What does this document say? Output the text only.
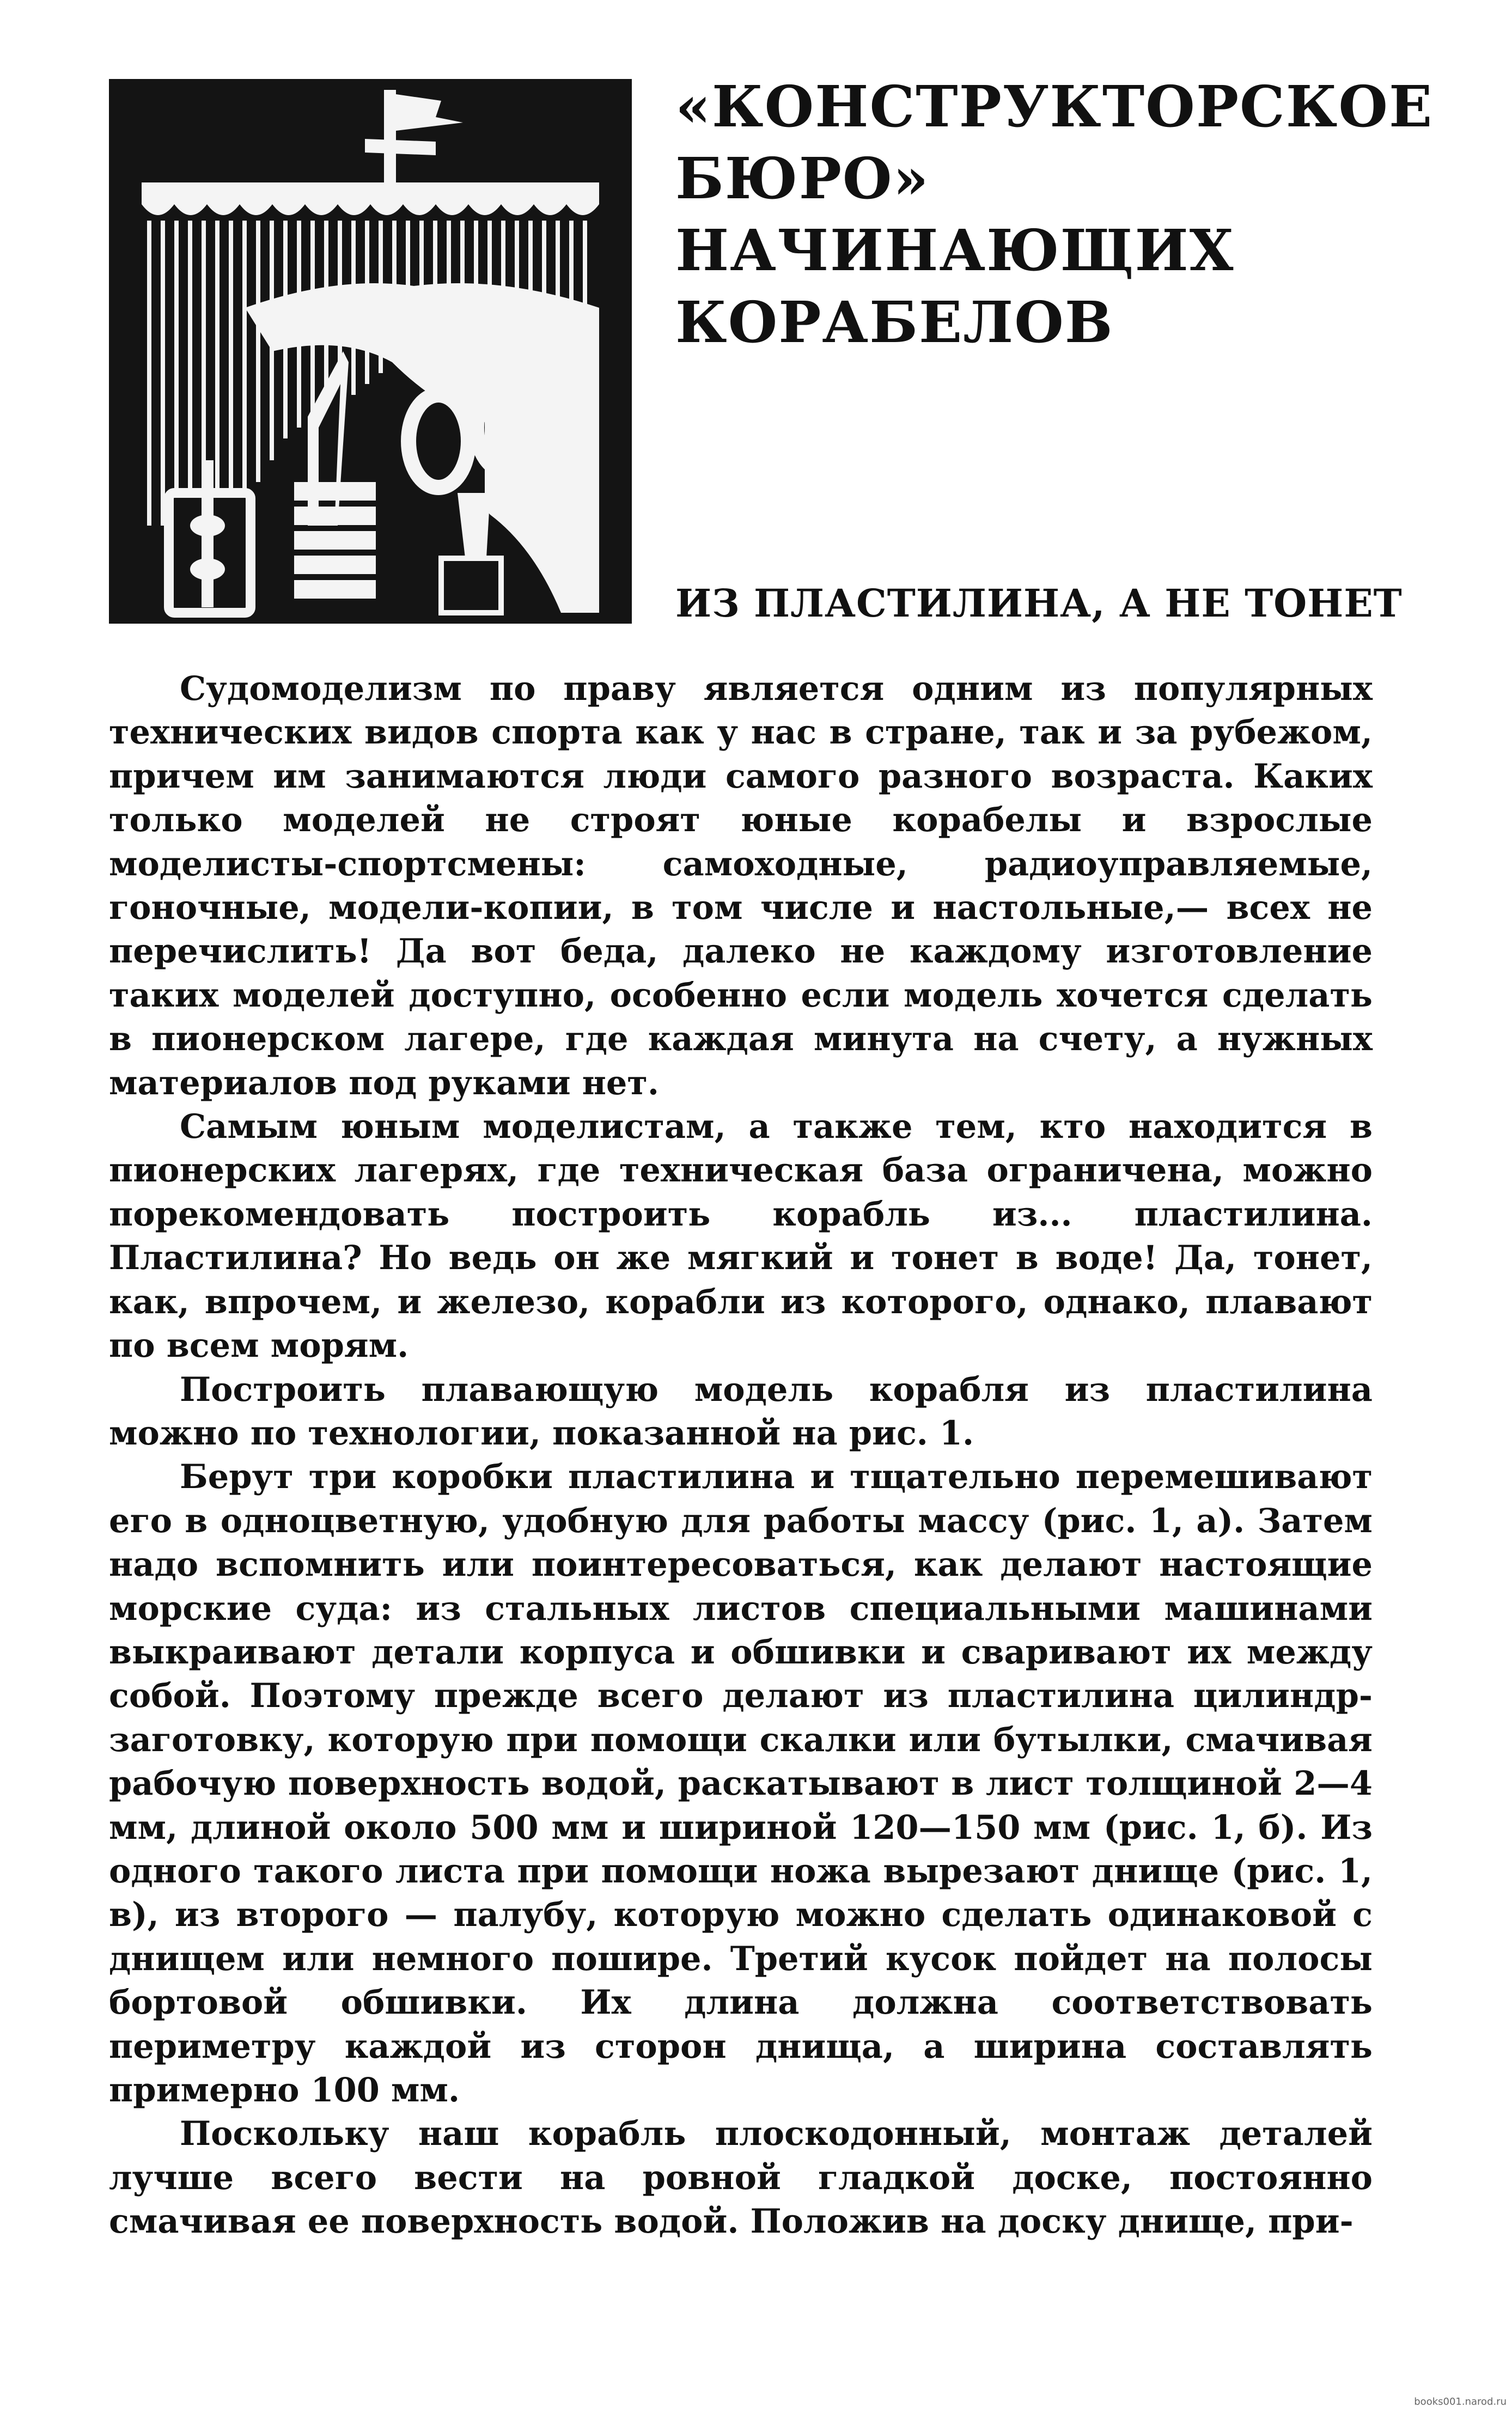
«КОНСТРУКТОРСКОЕ
БЮРО»
НАЧИНАЮЩИХ
КОРАБЕЛОВ
ИЗ ПЛАСТИЛИНА, А НЕ ТОНЕТ

Судомоделизм по праву является одним из популярных технических видов спорта как у нас в стране, так и за рубежом, причем им занимаются люди самого разного возраста. Каких только моделей не строят юные корабелы и взрослые моделисты-спортсмены: самоходные, радиоуправляемые, гоночные, модели-копии, в том числе и настольные,— всех не перечислить! Да вот беда, далеко не каждому изготовление таких моделей доступно, особенно если модель хочется сделать в пионерском лагере, где каждая минута на счету, а нужных материалов под руками нет.

Самым юным моделистам, а также тем, кто находится в пионерских лагерях, где техническая база ограничена, можно порекомендовать построить корабль из... пластилина. Пластилина? Но ведь он же мягкий и тонет в воде! Да, тонет, как, впрочем, и железо, корабли из которого, однако, плавают по всем морям.

Построить плавающую модель корабля из пластилина можно по технологии, показанной на рис. 1.

Берут три коробки пластилина и тщательно перемешивают его в одноцветную, удобную для работы массу (рис. 1, а). Затем надо вспомнить или поинтересоваться, как делают настоящие морские суда: из стальных листов специальными машинами выкраивают детали корпуса и обшивки и сваривают их между собой. Поэтому прежде всего делают из пластилина цилиндр-заготовку, которую при помощи скалки или бутылки, смачивая рабочую поверхность водой, раскатывают в лист толщиной 2—4 мм, длиной около 500 мм и шириной 120—150 мм (рис. 1, б). Из одного такого листа при помощи ножа вырезают днище (рис. 1, в), из второго — палубу, которую можно сделать одинаковой с днищем или немного пошире. Третий кусок пойдет на полосы бортовой обшивки. Их длина должна соответствовать периметру каждой из сторон днища, а ширина составлять примерно 100 мм.

Поскольку наш корабль плоскодонный, монтаж деталей лучше всего вести на ровной гладкой доске, постоянно смачивая ее поверхность водой. Положив на доску днище, при-

books001.narod.ru
